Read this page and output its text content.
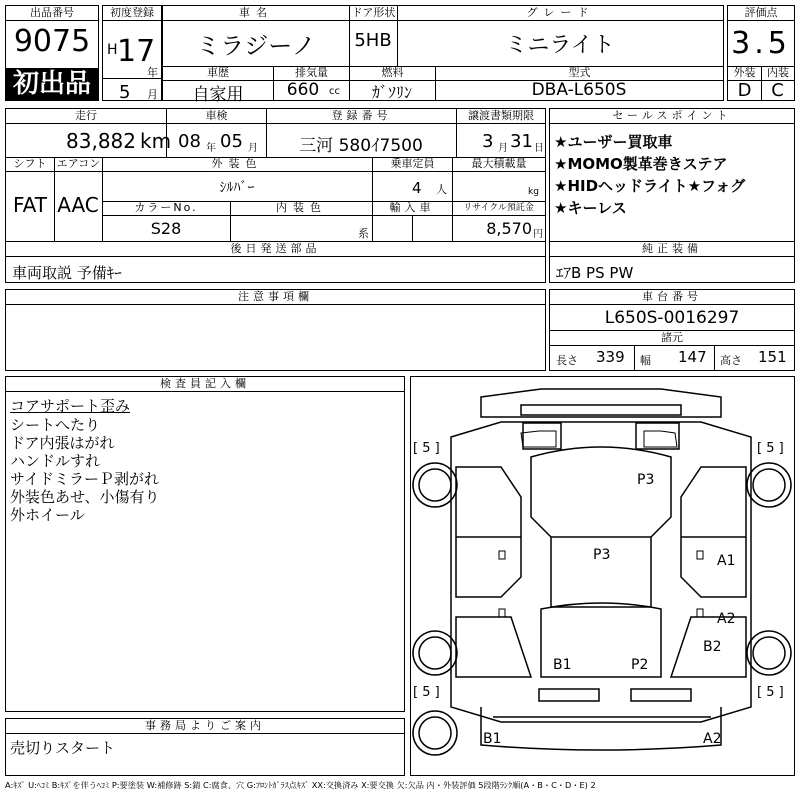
出品番号
9075
初出品
初度登録
H 17
年
5 月
車名	ドア形状	グレード
ミラジーノ	5HB	ミニライト
車歴	排気量	燃料	型式
自家用	660 cc	ｶﾞｿﾘﾝ	DBA-L650S
評価点
3.5
外装	内装
D	C
走行	車検	登録番号	譲渡書類期限
83,882 km 08 年 05 月	三河 580ｲ7500	3 月 31 日
シフト エアコン
FAT AAC
外装色	乗車定員	最大積載量
ｼﾙﾊﾞｰ	4 人	kg
カラーNo.	内装色	輸入車	リサイクル預託金
S28	系	8,570 円
セールスポイント
★ユーザー買取車
★MOMO製革巻きステア
★HIDヘッドライト★フォグ
★キーレス
後日発送部品
車両取説 予備ｷｰ
純正装備
ｴｱB PS PW
注意事項欄	車台番号
L650S-0016297
諸元
長さ 339 幅 147 高さ 151
検査員記入欄
コアサポート歪み
シートへたり
ドア内張はがれ
ハンドルすれ
サイドミラーＰ剥がれ
外装色あせ、小傷有り
外ホイール
事務局よりご案内
売切りスタート
[ 5 ]	[ 5 ]
[ 5 ]	[ 5 ]
P3
P3	A1
A2
B2
B1	P2
B1	A2
A:ｷｽﾞ U:ﾍｺﾐ B:ｷｽﾞを伴うﾍｺﾐ P:要塗装 W:補修跡 S:錆 C:腐食、穴 G:ﾌﾛﾝﾄｶﾞﾗｽ点ｷｽﾞ XX:交換済み X:要交換 欠:欠品 内・外装評価 5段階ﾗﾝｸ順(A・B・C・D・E) 2
